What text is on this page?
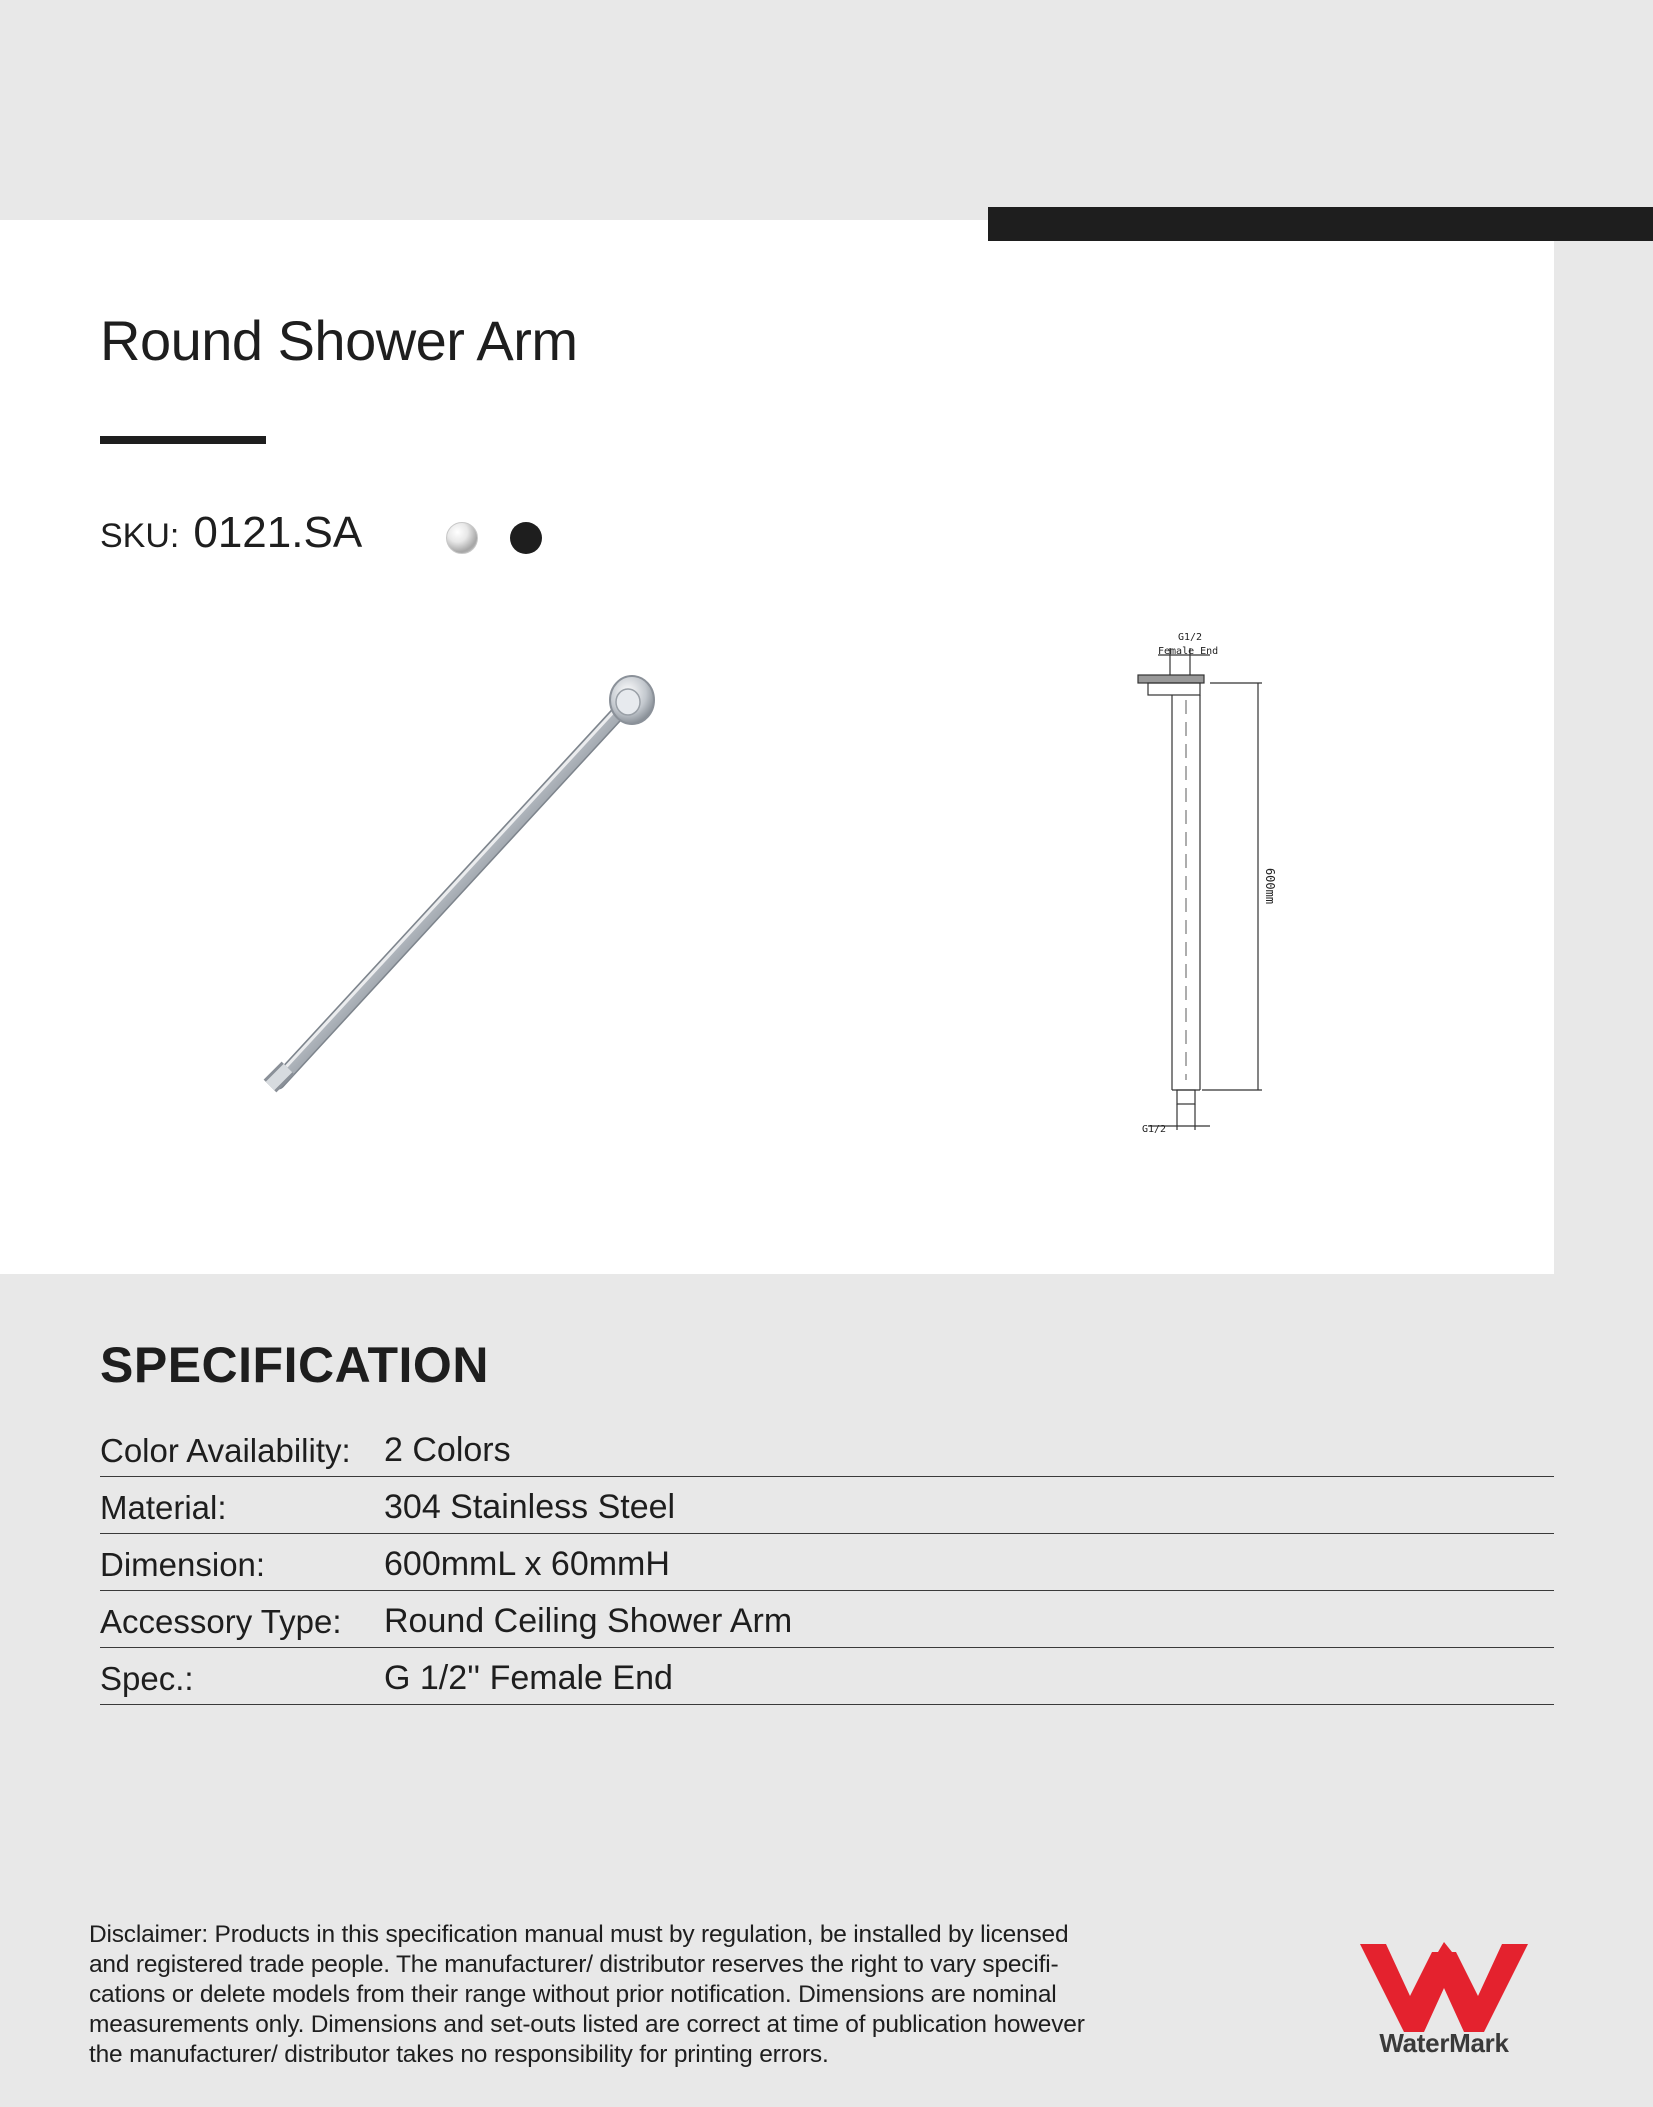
Round Shower Arm
SKU: 0121.SA
G1/2
Female End
600mm
G1/2
SPECIFICATION
Color Availability: 2 Colors
Material:	304 Stainless Steel
Dimension:	600mmL x 60mmH
Accessory Type:	Round Ceiling Shower Arm
Spec.:	G 1/2'' Female End
Disclaimer: Products in this specification manual must by regulation, be installed by licensed
and registered trade people. The manufacturer/ distributor reserves the right to vary specifi-
cations or delete models from their range without prior notification. Dimensions are nominal
measurements only. Dimensions and set-outs listed are correct at time of publication however
the manufacturer/ distributor takes no responsibility for printing errors.	WaterMark
